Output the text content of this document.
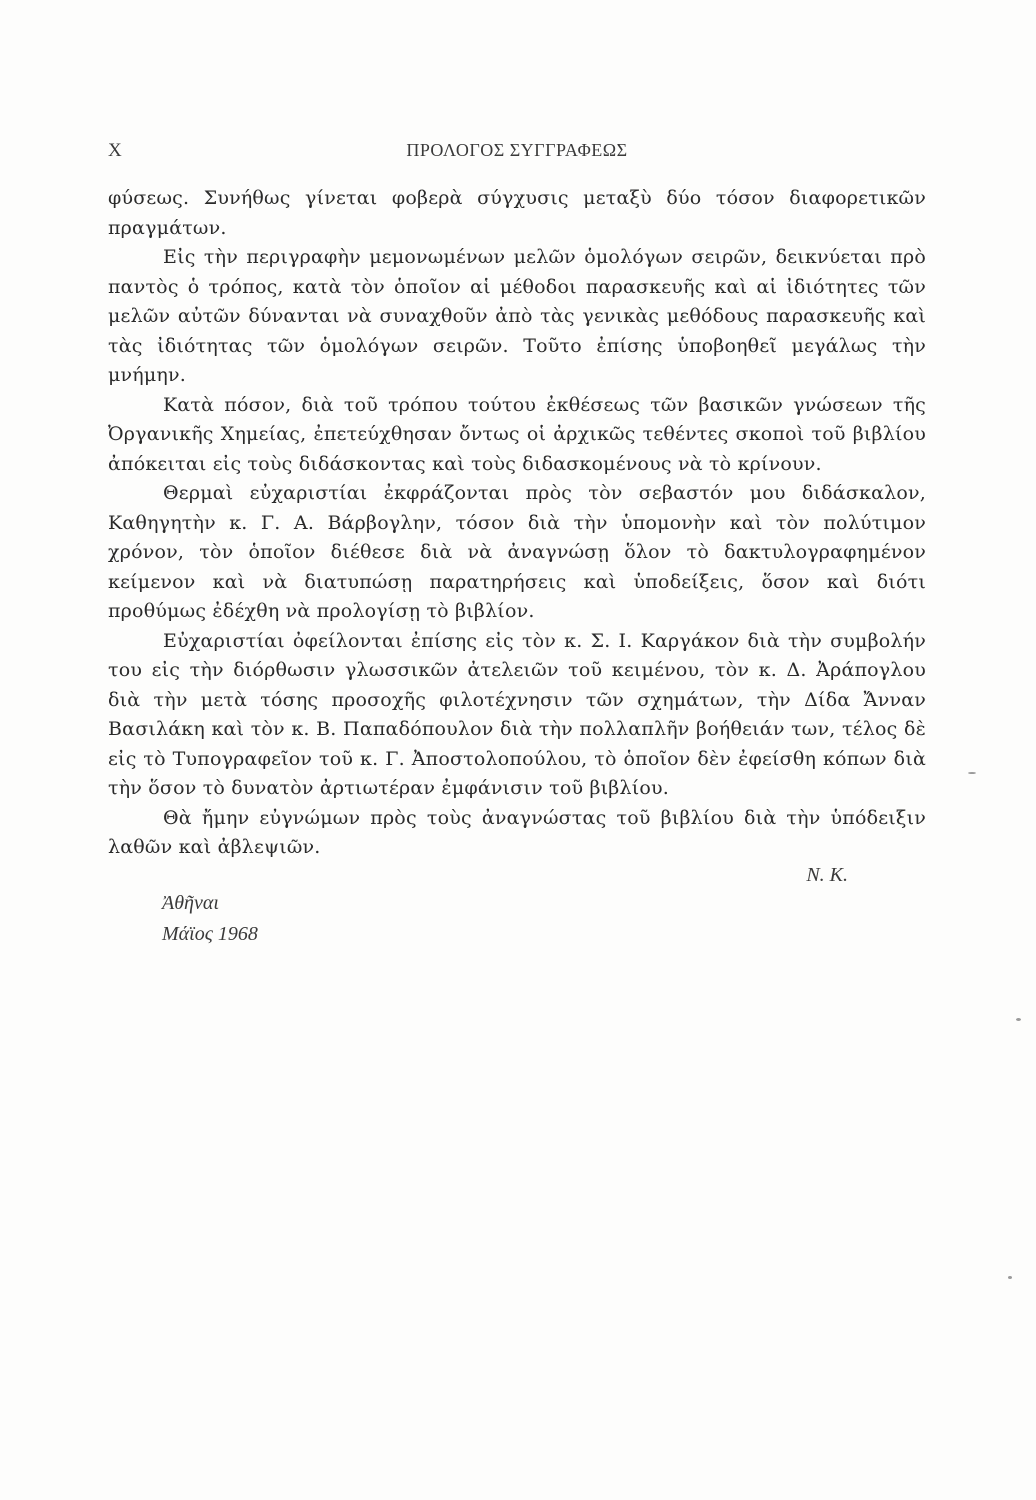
X	ΠΡΟΛΟΓΟΣ ΣΥΓΓΡΑΦΕΩΣ

φύσεως. Συνήθως γίνεται φοβερὰ σύγχυσις μεταξὺ δύο τόσον διαφορετικῶν πραγμάτων.

Εἰς τὴν περιγραφὴν μεμονωμένων μελῶν ὁμολόγων σειρῶν, δεικνύεται πρὸ παντὸς ὁ τρόπος, κατὰ τὸν ὁποῖον αἱ μέθοδοι παρασκευῆς καὶ αἱ ἰδιότητες τῶν μελῶν αὐτῶν δύνανται νὰ συναχθοῦν ἀπὸ τὰς γενικὰς μεθόδους παρασκευῆς καὶ τὰς ἰδιότητας τῶν ὁμολόγων σειρῶν. Τοῦτο ἐπίσης ὑποβοηθεῖ μεγάλως τὴν μνήμην.

Κατὰ πόσον, διὰ τοῦ τρόπου τούτου ἐκθέσεως τῶν βασικῶν γνώσεων τῆς Ὀργανικῆς Χημείας, ἐπετεύχθησαν ὄντως οἱ ἀρχικῶς τεθέντες σκοποὶ τοῦ βιβλίου ἀπόκειται εἰς τοὺς διδάσκοντας καὶ τοὺς διδασκομένους νὰ τὸ κρίνουν.

Θερμαὶ εὐχαριστίαι ἐκφράζονται πρὸς τὸν σεβαστόν μου διδάσκαλον, Καθηγητὴν κ. Γ. Α. Βάρβογλην, τόσον διὰ τὴν ὑπομονὴν καὶ τὸν πολύτιμον χρόνον, τὸν ὁποῖον διέθεσε διὰ νὰ ἀναγνώσῃ ὅλον τὸ δακτυλογραφημένον κείμενον καὶ νὰ διατυπώσῃ παρατηρήσεις καὶ ὑποδείξεις, ὅσον καὶ διότι προθύμως ἐδέχθη νὰ προλογίσῃ τὸ βιβλίον.

Εὐχαριστίαι ὀφείλονται ἐπίσης εἰς τὸν κ. Σ. Ι. Καργάκον διὰ τὴν συμβολήν του εἰς τὴν διόρθωσιν γλωσσικῶν ἀτελειῶν τοῦ κειμένου, τὸν κ. Δ. Ἀράπογλου διὰ τὴν μετὰ τόσης προσοχῆς φιλοτέχνησιν τῶν σχημάτων, τὴν Δίδα Ἄνναν Βασιλάκη καὶ τὸν κ. Β. Παπαδόπουλον διὰ τὴν πολλαπλῆν βοήθειάν των, τέλος δὲ εἰς τὸ Τυπογραφεῖον τοῦ κ. Γ. Ἀποστολοπούλου, τὸ ὁποῖον δὲν ἐφείσθη κόπων διὰ τὴν ὅσον τὸ δυνατὸν ἀρτιωτέραν ἐμφάνισιν τοῦ βιβλίου.

Θὰ ἤμην εὐγνώμων πρὸς τοὺς ἀναγνώστας τοῦ βιβλίου διὰ τὴν ὑπόδειξιν λαθῶν καὶ ἀβλεψιῶν.

Ν. Κ.
Ἀθῆναι
Μάϊος 1968
